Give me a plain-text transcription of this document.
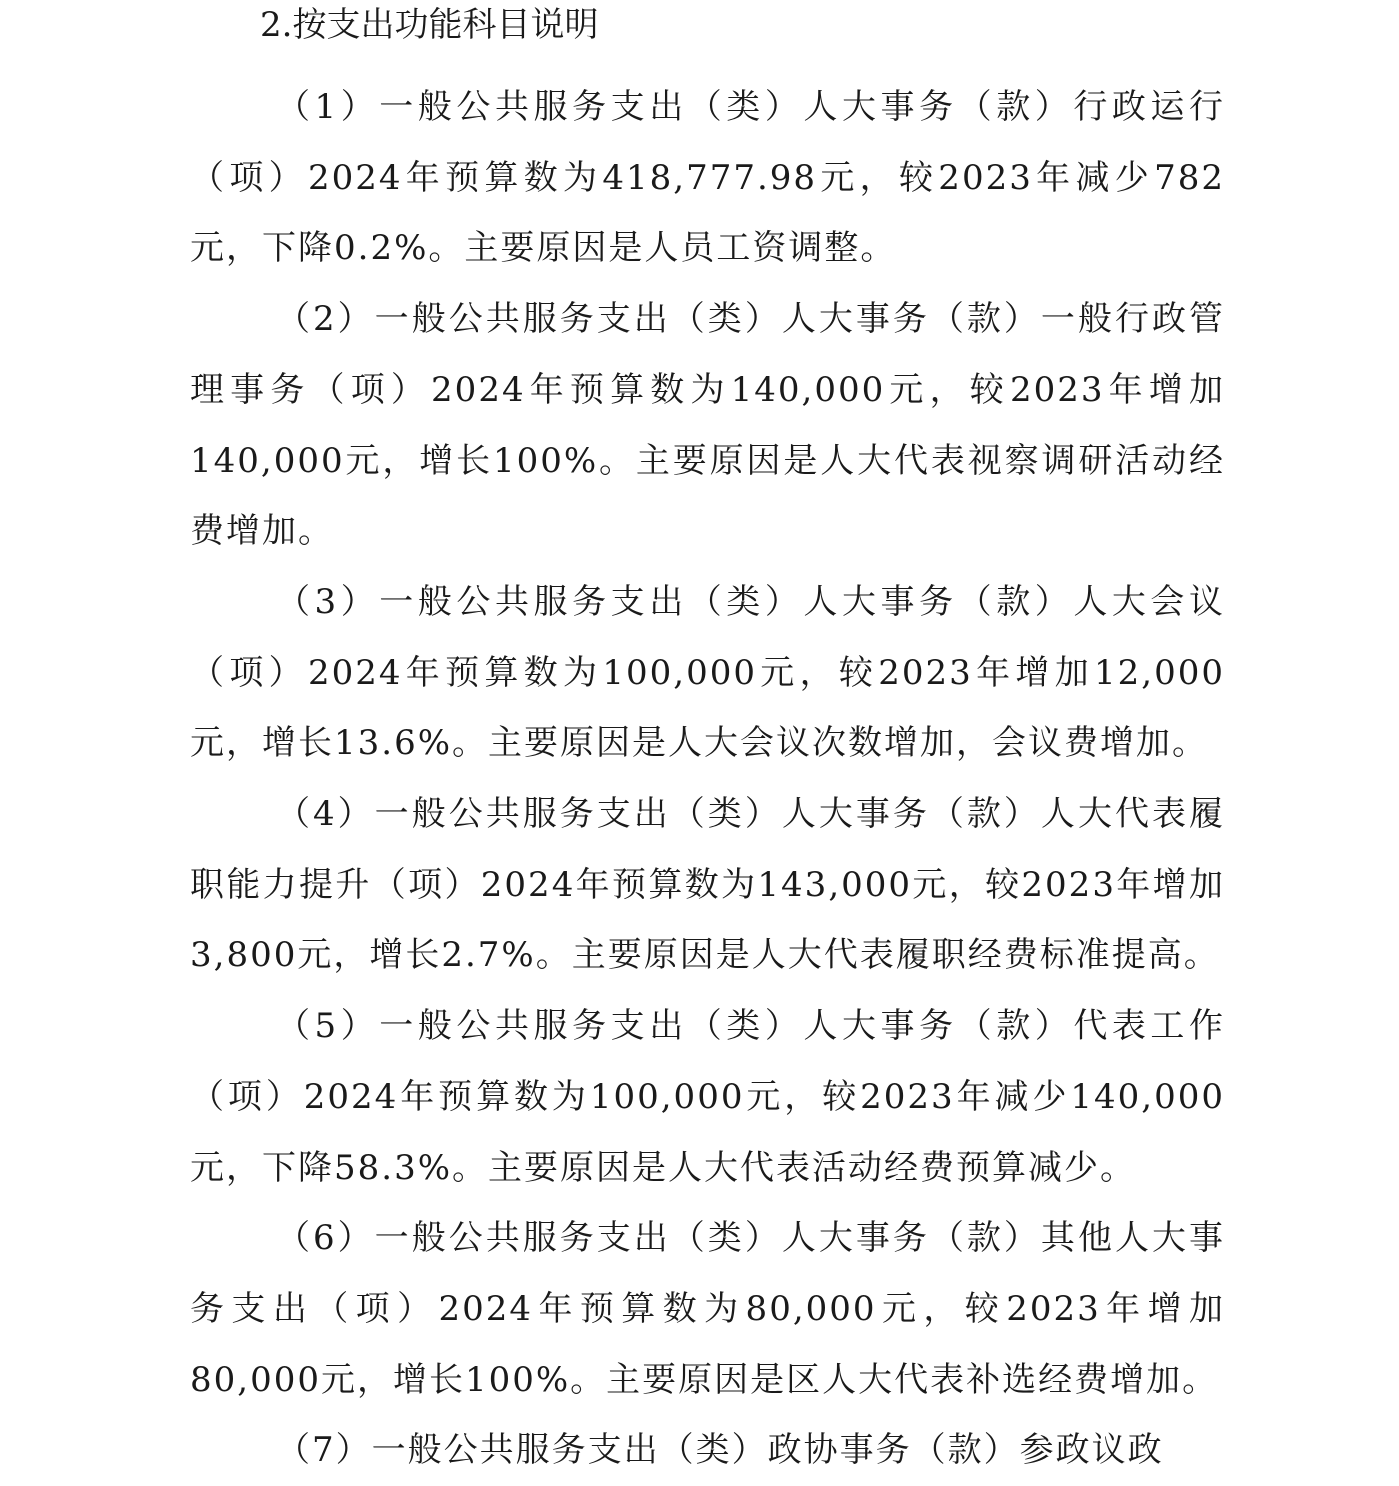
2.按支出功能科目说明

（1）一般公共服务支出（类）人大事务（款）行政运行（项）2024年预算数为418,777.98元，较2023年减少782元，下降0.2%。主要原因是人员工资调整。

（2）一般公共服务支出（类）人大事务（款）一般行政管理事务（项）2024年预算数为140,000元，较2023年增加140,000元，增长100%。主要原因是人大代表视察调研活动经费增加。

（3）一般公共服务支出（类）人大事务（款）人大会议（项）2024年预算数为100,000元，较2023年增加12,000元，增长13.6%。主要原因是人大会议次数增加，会议费增加。

（4）一般公共服务支出（类）人大事务（款）人大代表履职能力提升（项）2024年预算数为143,000元，较2023年增加3,800元，增长2.7%。主要原因是人大代表履职经费标准提高。

（5）一般公共服务支出（类）人大事务（款）代表工作（项）2024年预算数为100,000元，较2023年减少140,000元，下降58.3%。主要原因是人大代表活动经费预算减少。

（6）一般公共服务支出（类）人大事务（款）其他人大事务支出（项）2024年预算数为80,000元，较2023年增加80,000元，增长100%。主要原因是区人大代表补选经费增加。

（7）一般公共服务支出（类）政协事务（款）参政议政
